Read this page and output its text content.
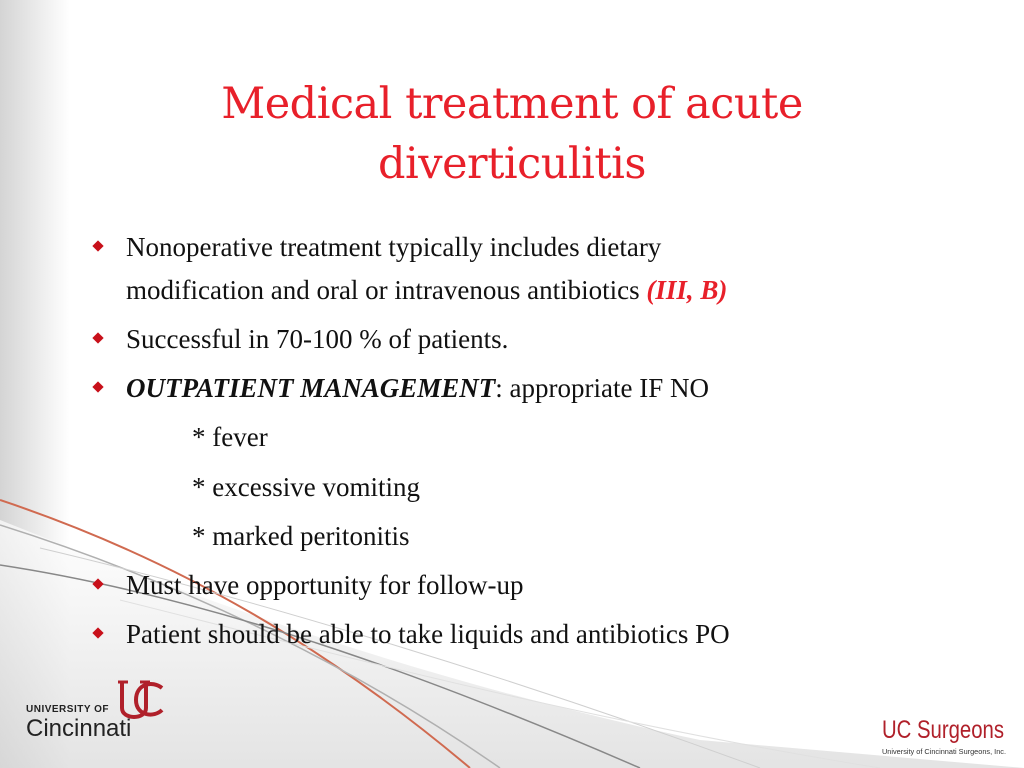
Medical treatment of acute
diverticulitis
Nonoperative treatment typically includes dietary
modification and oral or intravenous antibiotics (III, B)
Successful in 70-100 % of patients.
OUTPATIENT MANAGEMENT: appropriate IF NO
* fever
* excessive vomiting
* marked peritonitis
Must have opportunity for follow-up
Patient should be able to take liquids and antibiotics PO
UNIVERSITY OF
Cincinnati	UC Surgeons
University of Cincinnati Surgeons, Inc.
